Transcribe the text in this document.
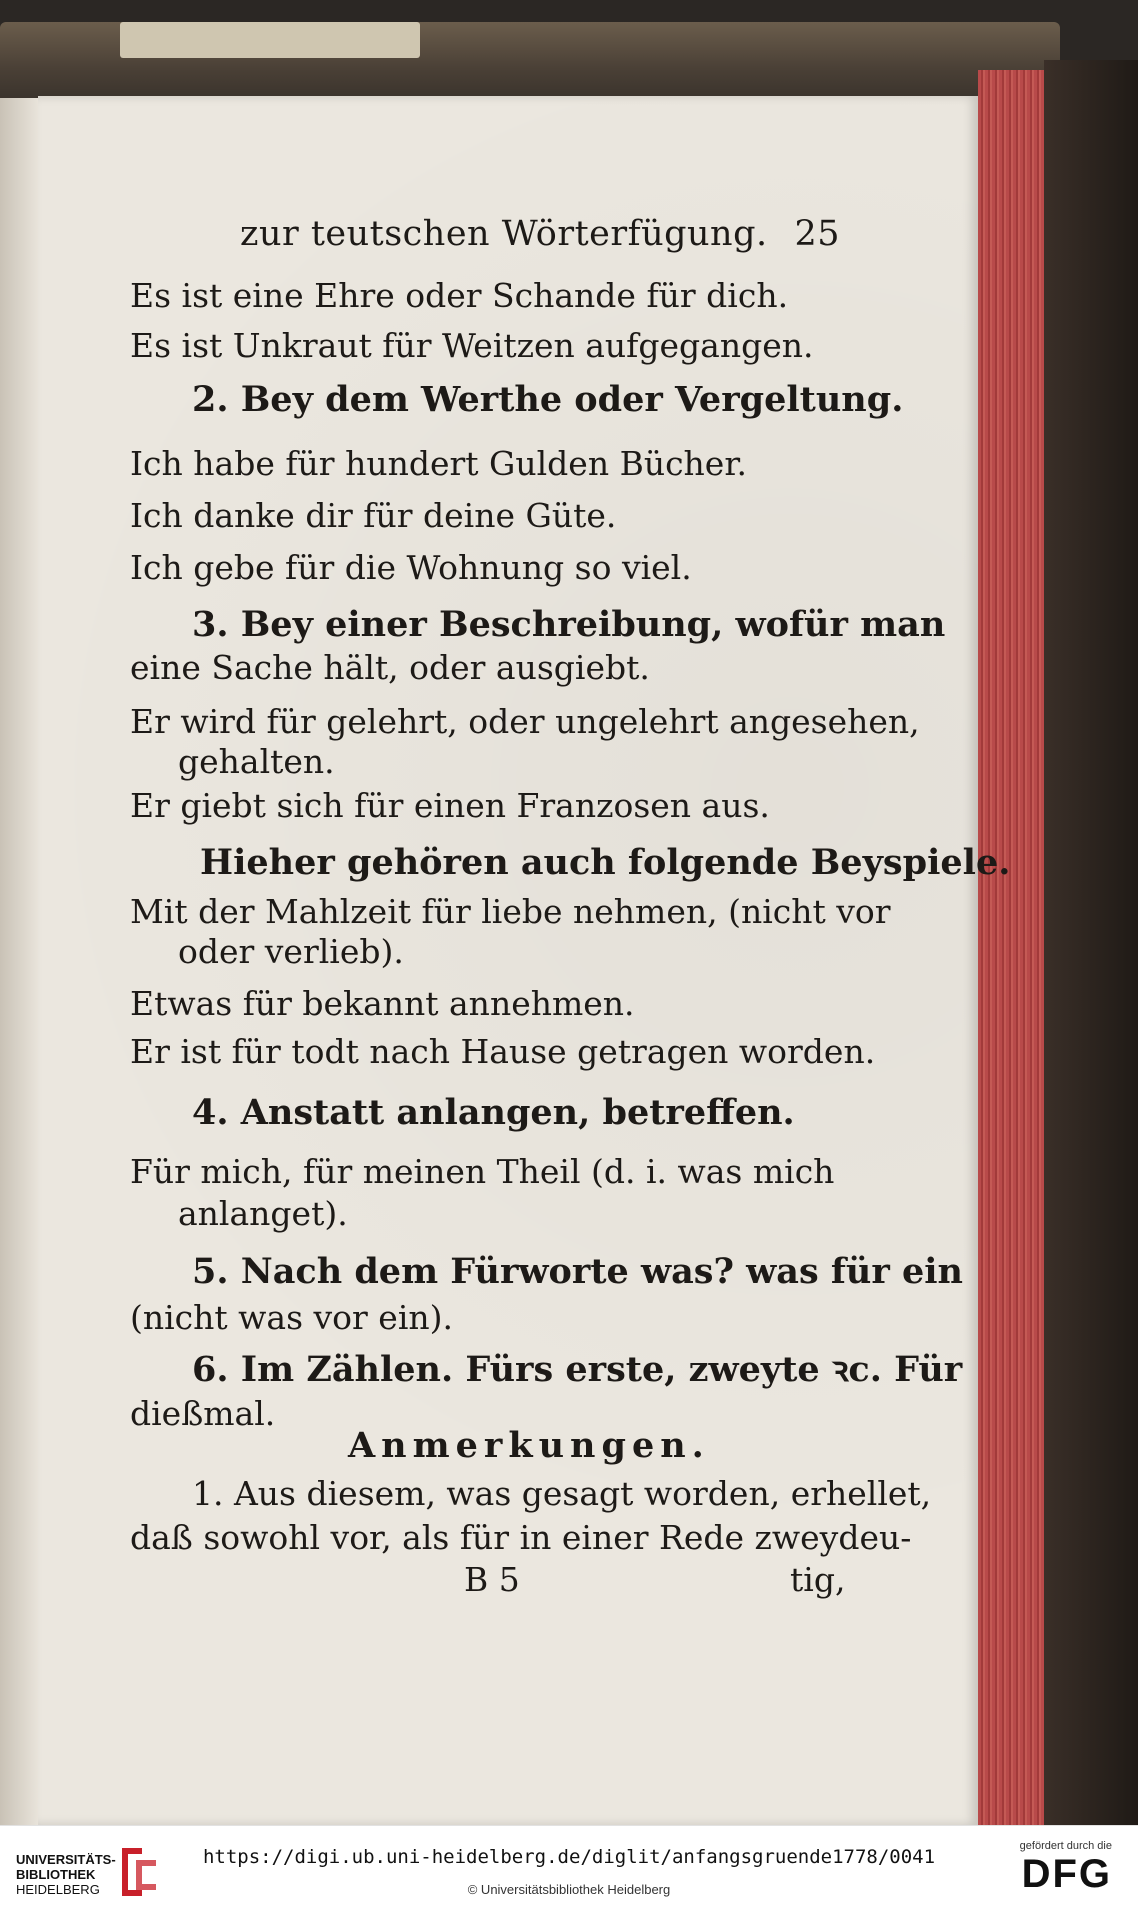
zur teutschen Wörterfügung. 25
Es ist eine Ehre oder Schande für dich.
Es ist Unkraut für Weitzen aufgegangen.
2. Bey dem Werthe oder Vergeltung.
Ich habe für hundert Gulden Bücher.
Ich danke dir für deine Güte.
Ich gebe für die Wohnung so viel.
3. Bey einer Beschreibung, wofür man
eine Sache hält, oder ausgiebt.
Er wird für gelehrt, oder ungelehrt angesehen,
gehalten.
Er giebt sich für einen Franzosen aus.
Hieher gehören auch folgende Beyspiele.
Mit der Mahlzeit für liebe nehmen, (nicht vor
oder verlieb).
Etwas für bekannt annehmen.
Er ist für todt nach Hause getragen worden.
4. Anstatt anlangen, betreffen.
Für mich, für meinen Theil (d. i. was mich
anlanget).
5. Nach dem Fürworte was? was für ein
(nicht was vor ein).
6. Im Zählen. Fürs erste, zweyte ꝛc. Für
dießmal.
Anmerkungen.
1. Aus diesem, was gesagt worden, erhellet,
daß sowohl vor, als für in einer Rede zweydeu-
B 5	tig,
UNIVERSITÄTS-
BIBLIOTHEK
HEIDELBERG
https://digi.ub.uni-heidelberg.de/diglit/anfangsgruende1778/0041
© Universitätsbibliothek Heidelberg
gefördert durch die
DFG
